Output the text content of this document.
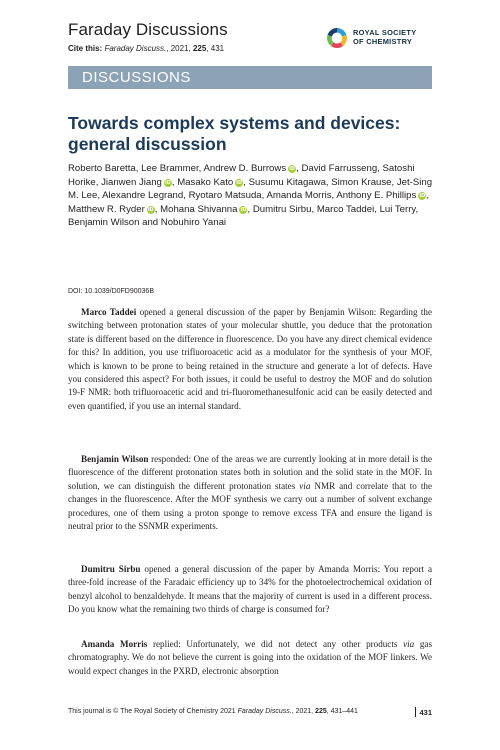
Faraday Discussions
Cite this: Faraday Discuss., 2021, 225, 431
ROYAL SOCIETY
OF CHEMISTRY
DISCUSSIONS
Towards complex systems and devices: general discussion
Roberto Baretta, Lee Brammer, Andrew D. Burrows iD, David Farrusseng, Satoshi Horike, Jianwen Jiang iD, Masako Kato iD, Susumu Kitagawa, Simon Krause, Jet-Sing M. Lee, Alexandre Legrand, Ryotaro Matsuda, Amanda Morris, Anthony E. Phillips iD, Matthew R. Ryder iD, Mohana Shivanna iD, Dumitru Sirbu, Marco Taddei, Lui Terry, Benjamin Wilson and Nobuhiro Yanai
DOI: 10.1039/D0FD90036B

Marco Taddei opened a general discussion of the paper by Benjamin Wilson: Regarding the switching between protonation states of your molecular shuttle, you deduce that the protonation state is different based on the difference in fluorescence. Do you have any direct chemical evidence for this? In addition, you use trifluoroacetic acid as a modulator for the synthesis of your MOF, which is known to be prone to being retained in the structure and generate a lot of defects. Have you considered this aspect? For both issues, it could be useful to destroy the MOF and do solution 19-F NMR: both trifluoroacetic acid and tri-fluoromethanesulfonic acid can be easily detected and even quantified, if you use an internal standard.

Benjamin Wilson responded: One of the areas we are currently looking at in more detail is the fluorescence of the different protonation states both in solution and the solid state in the MOF. In solution, we can distinguish the different protonation states via NMR and correlate that to the changes in the fluorescence. After the MOF synthesis we carry out a number of solvent exchange procedures, one of them using a proton sponge to remove excess TFA and ensure the ligand is neutral prior to the SSNMR experiments.

Dumitru Sirbu opened a general discussion of the paper by Amanda Morris: You report a three-fold increase of the Faradaic efficiency up to 34% for the photoelectrochemical oxidation of benzyl alcohol to benzaldehyde. It means that the majority of current is used in a different process. Do you know what the remaining two thirds of charge is consumed for?

Amanda Morris replied: Unfortunately, we did not detect any other products via gas chromatography. We do not believe the current is going into the oxidation of the MOF linkers. We would expect changes in the PXRD, electronic absorption

This journal is © The Royal Society of Chemistry 2021 Faraday Discuss., 2021, 225, 431–441	431
